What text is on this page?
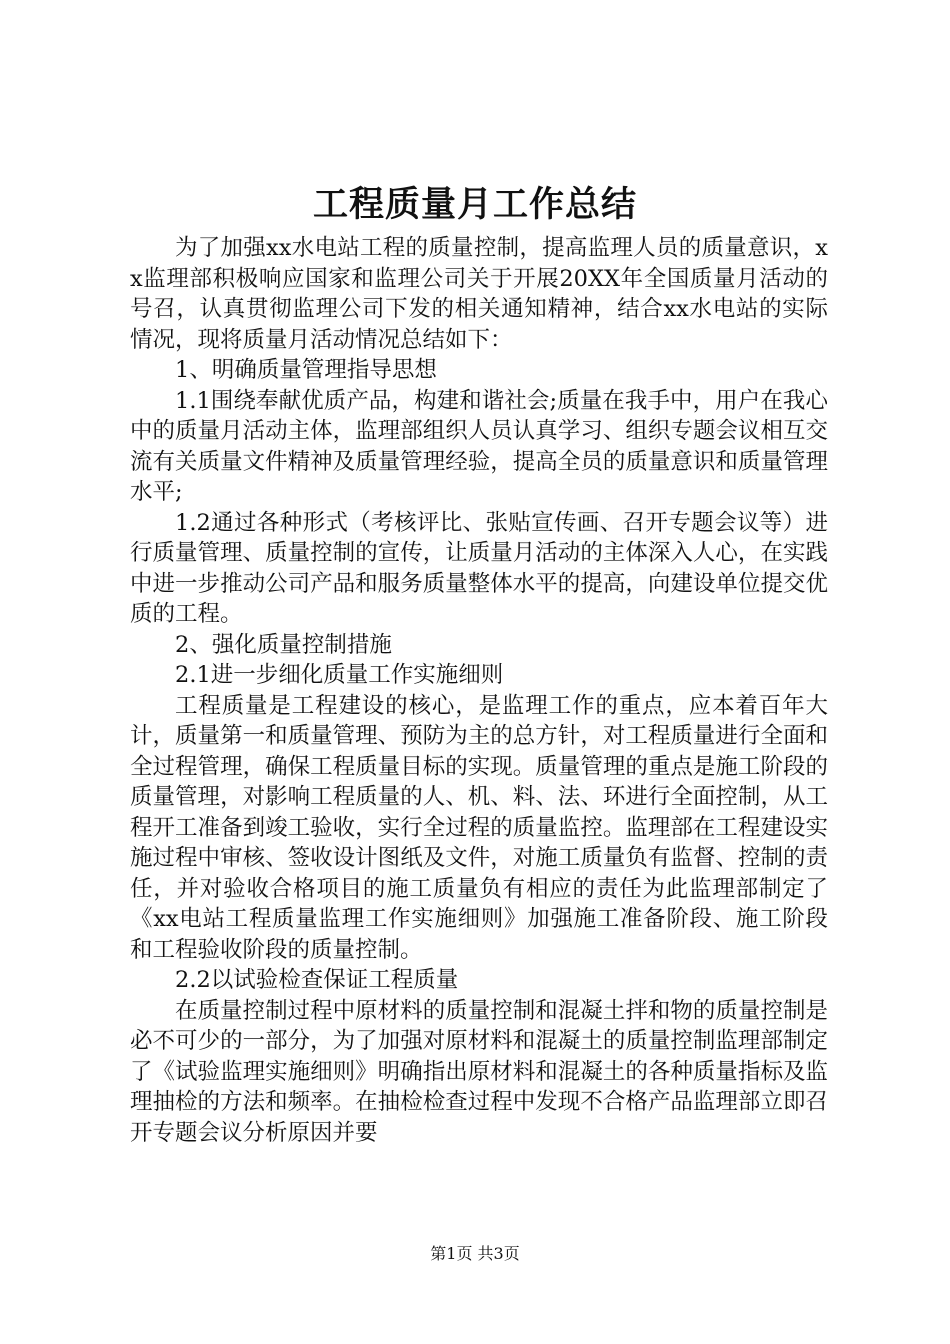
工程质量月工作总结

为了加强xx水电站工程的质量控制，提高监理人员的质量意识，xx监理部积极响应国家和监理公司关于开展20XX年全国质量月活动的号召，认真贯彻监理公司下发的相关通知精神，结合xx水电站的实际情况，现将质量月活动情况总结如下：

1、明确质量管理指导思想

1.1围绕奉献优质产品，构建和谐社会;质量在我手中，用户在我心中的质量月活动主体，监理部组织人员认真学习、组织专题会议相互交流有关质量文件精神及质量管理经验，提高全员的质量意识和质量管理水平;

1.2通过各种形式（考核评比、张贴宣传画、召开专题会议等）进行质量管理、质量控制的宣传，让质量月活动的主体深入人心，在实践中进一步推动公司产品和服务质量整体水平的提高，向建设单位提交优质的工程。

2、强化质量控制措施

2.1进一步细化质量工作实施细则

工程质量是工程建设的核心，是监理工作的重点，应本着百年大计，质量第一和质量管理、预防为主的总方针，对工程质量进行全面和全过程管理，确保工程质量目标的实现。质量管理的重点是施工阶段的质量管理，对影响工程质量的人、机、料、法、环进行全面控制，从工程开工准备到竣工验收，实行全过程的质量监控。监理部在工程建设实施过程中审核、签收设计图纸及文件，对施工质量负有监督、控制的责任，并对验收合格项目的施工质量负有相应的责任为此监理部制定了《xx电站工程质量监理工作实施细则》加强施工准备阶段、施工阶段和工程验收阶段的质量控制。

2.2以试验检查保证工程质量

在质量控制过程中原材料的质量控制和混凝土拌和物的质量控制是必不可少的一部分，为了加强对原材料和混凝土的质量控制监理部制定了《试验监理实施细则》明确指出原材料和混凝土的各种质量指标及监理抽检的方法和频率。在抽检检查过程中发现不合格产品监理部立即召开专题会议分析原因并要

第1页 共3页
